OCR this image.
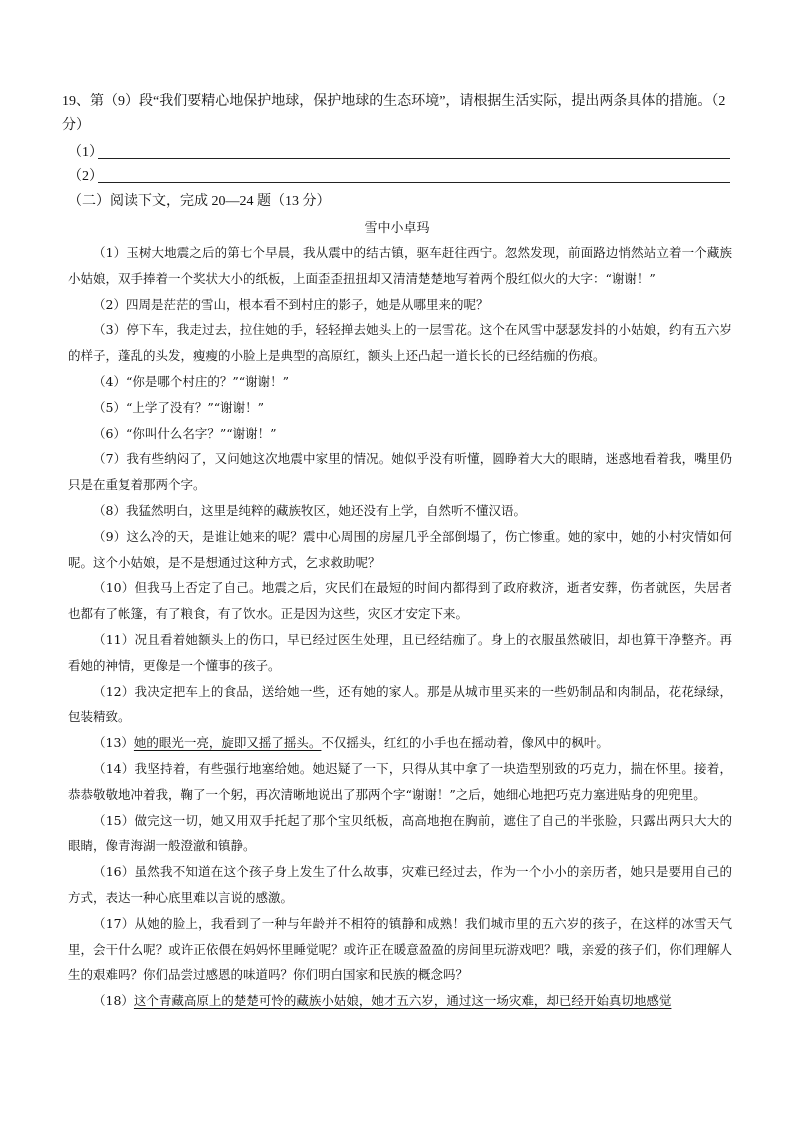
19、第（9）段“我们要精心地保护地球，保护地球的生态环境”，请根据生活实际，提出两条具体的措施。（2分）
（1）
（2）
（二）阅读下文，完成 20—24 题（13 分）
雪中小卓玛

（1）玉树大地震之后的第七个早晨，我从震中的结古镇，驱车赶往西宁。忽然发现，前面路边悄然站立着一个藏族小姑娘，双手捧着一个奖状大小的纸板，上面歪歪扭扭却又清清楚楚地写着两个殷红似火的大字：“谢谢！”

（2）四周是茫茫的雪山，根本看不到村庄的影子，她是从哪里来的呢？

（3）停下车，我走过去，拉住她的手，轻轻掸去她头上的一层雪花。这个在风雪中瑟瑟发抖的小姑娘，约有五六岁的样子，蓬乱的头发，瘦瘦的小脸上是典型的高原红，额头上还凸起一道长长的已经结痂的伤痕。

（4）“你是哪个村庄的？”“谢谢！”

（5）“上学了没有？”“谢谢！”

（6）“你叫什么名字？”“谢谢！”

（7）我有些纳闷了，又问她这次地震中家里的情况。她似乎没有听懂，圆睁着大大的眼睛，迷惑地看着我，嘴里仍只是在重复着那两个字。

（8）我猛然明白，这里是纯粹的藏族牧区，她还没有上学，自然听不懂汉语。

（9）这么冷的天，是谁让她来的呢？震中心周围的房屋几乎全部倒塌了，伤亡惨重。她的家中，她的小村灾情如何呢。这个小姑娘，是不是想通过这种方式，乞求救助呢？

（10）但我马上否定了自己。地震之后，灾民们在最短的时间内都得到了政府救济，逝者安葬，伤者就医，失居者也都有了帐篷，有了粮食，有了饮水。正是因为这些，灾区才安定下来。

（11）况且看着她额头上的伤口，早已经过医生处理，且已经结痂了。身上的衣服虽然破旧，却也算干净整齐。再看她的神情，更像是一个懂事的孩子。

（12）我决定把车上的食品，送给她一些，还有她的家人。那是从城市里买来的一些奶制品和肉制品，花花绿绿，包装精致。

（13）她的眼光一亮，旋即又摇了摇头。不仅摇头，红红的小手也在摇动着，像风中的枫叶。

（14）我坚持着，有些强行地塞给她。她迟疑了一下，只得从其中拿了一块造型别致的巧克力，揣在怀里。接着，恭恭敬敬地冲着我，鞠了一个躬，再次清晰地说出了那两个字“谢谢！”之后，她细心地把巧克力塞进贴身的兜兜里。

（15）做完这一切，她又用双手托起了那个宝贝纸板，高高地抱在胸前，遮住了自己的半张脸，只露出两只大大的眼睛，像青海湖一般澄澈和镇静。

（16）虽然我不知道在这个孩子身上发生了什么故事，灾难已经过去，作为一个小小的亲历者，她只是要用自己的方式，表达一种心底里难以言说的感激。

（17）从她的脸上，我看到了一种与年龄并不相符的镇静和成熟！我们城市里的五六岁的孩子，在这样的冰雪天气里，会干什么呢？或许正依偎在妈妈怀里睡觉呢？或许正在暖意盈盈的房间里玩游戏吧？哦，亲爱的孩子们，你们理解人生的艰难吗？你们品尝过感恩的味道吗？你们明白国家和民族的概念吗？

（18）这个青藏高原上的楚楚可怜的藏族小姑娘，她才五六岁，通过这一场灾难，却已经开始真切地感觉
